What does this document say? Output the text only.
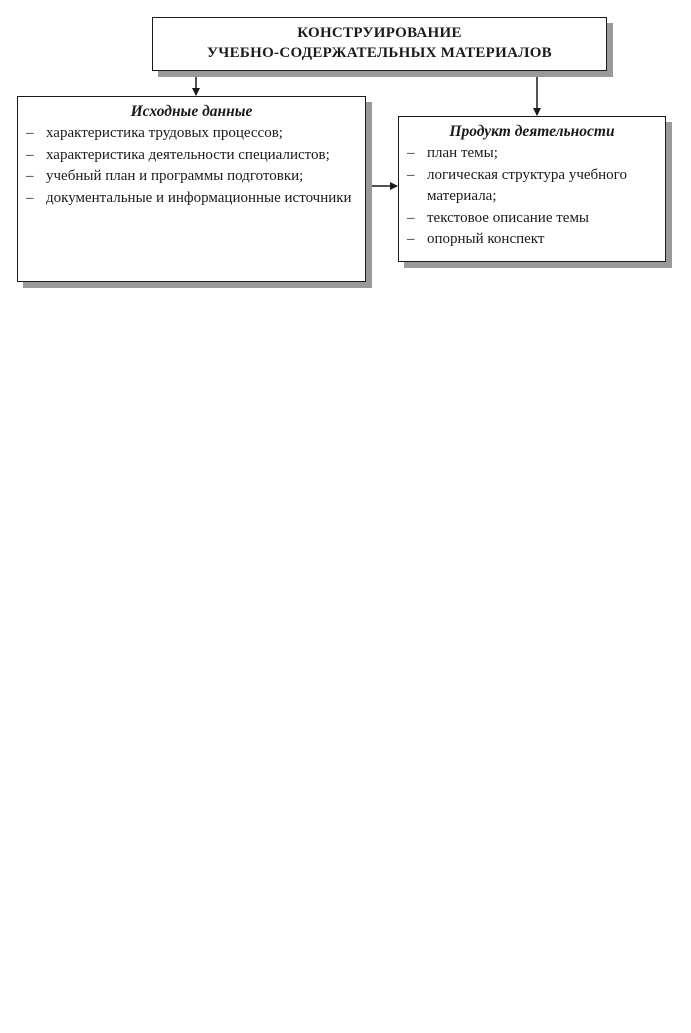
КОНСТРУИРОВАНИЕ
УЧЕБНО-СОДЕРЖАТЕЛЬНЫХ МАТЕРИАЛОВ
Исходные данные
– характеристика трудовых процессов;
– характеристика деятельности специалистов;
– учебный план и программы подготовки;
– документальные и информационные источники
Продукт деятельности
– план темы;
– логическая структура учебного материала;
– текстовое описание темы
– опорный конспект
